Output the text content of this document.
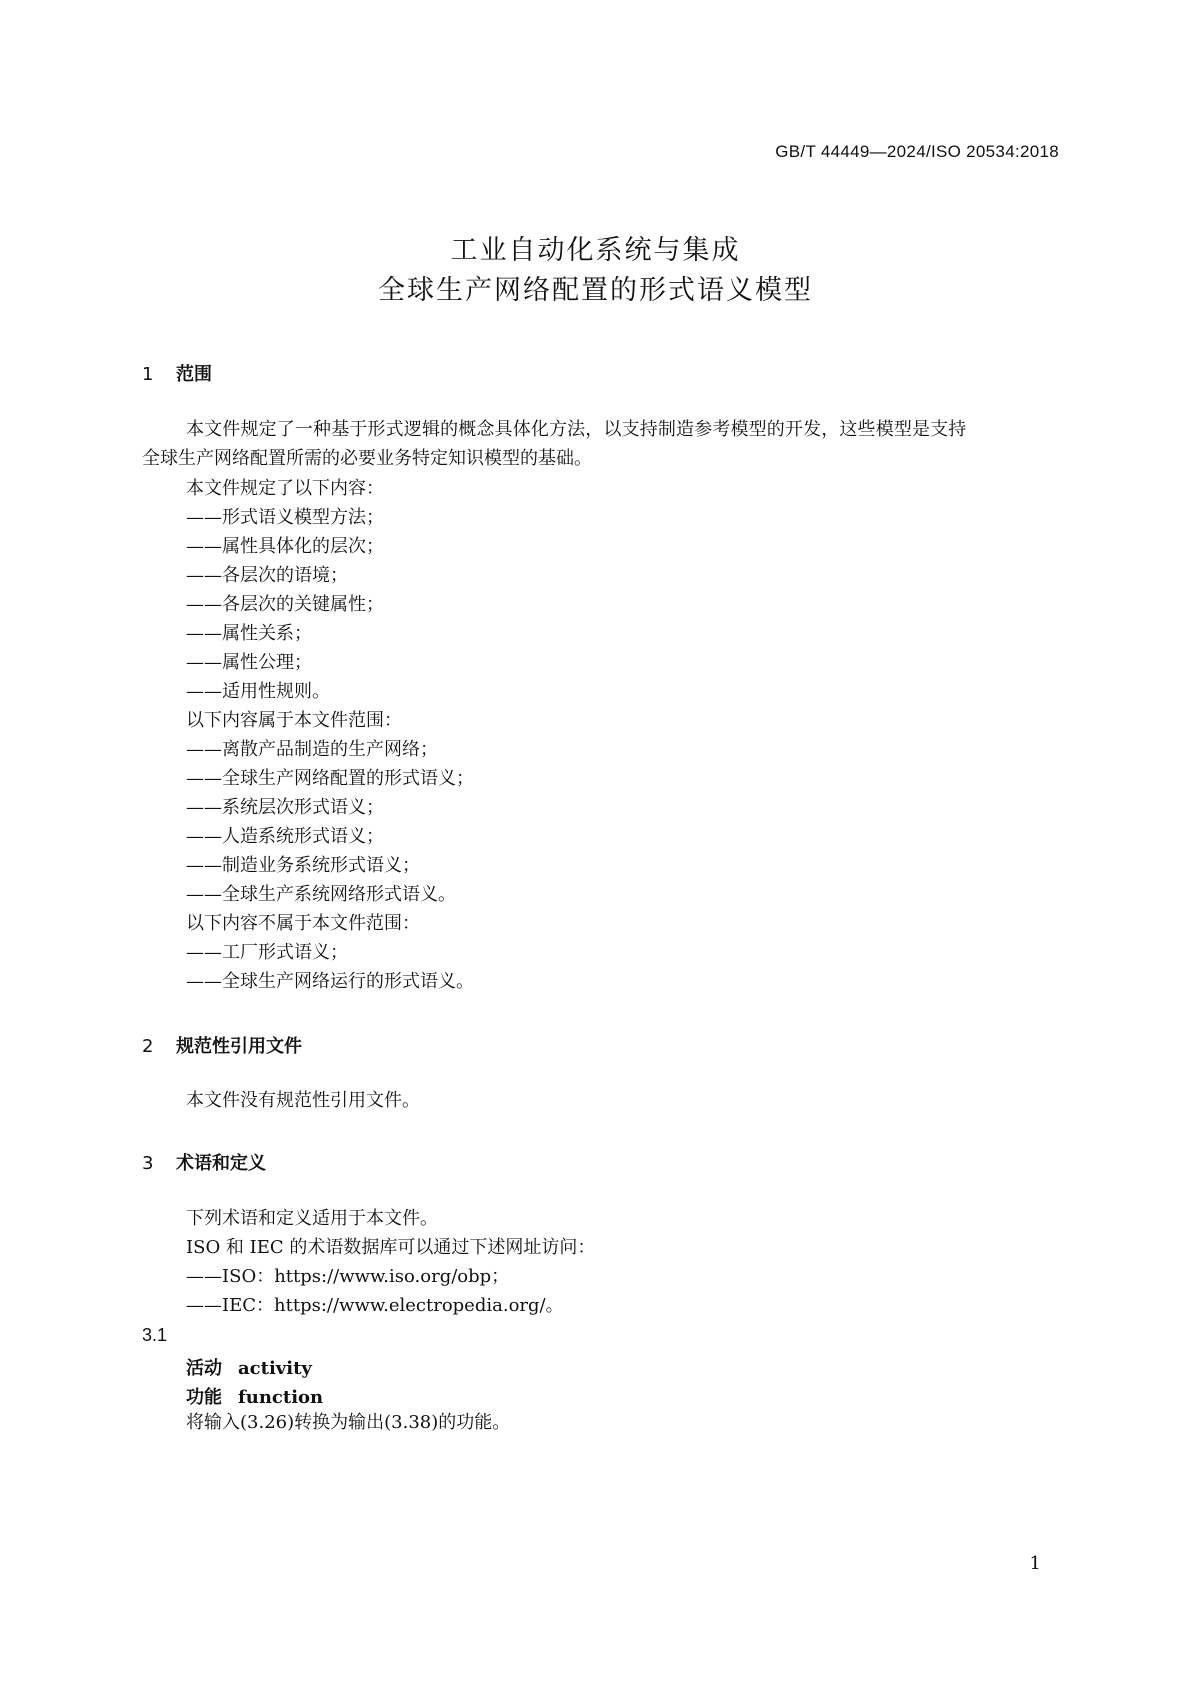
GB/T 44449—2024/ISO 20534:2018
工业自动化系统与集成
全球生产网络配置的形式语义模型
1 范围
本文件规定了一种基于形式逻辑的概念具体化方法，以支持制造参考模型的开发，这些模型是支持
全球生产网络配置所需的必要业务特定知识模型的基础。
本文件规定了以下内容：
——形式语义模型方法；
——属性具体化的层次；
——各层次的语境；
——各层次的关键属性；
——属性关系；
——属性公理；
——适用性规则。
以下内容属于本文件范围：
——离散产品制造的生产网络；
——全球生产网络配置的形式语义；
——系统层次形式语义；
——人造系统形式语义；
——制造业务系统形式语义；
——全球生产系统网络形式语义。
以下内容不属于本文件范围：
——工厂形式语义；
——全球生产网络运行的形式语义。
2 规范性引用文件
本文件没有规范性引用文件。
3 术语和定义
下列术语和定义适用于本文件。
ISO 和 IEC 的术语数据库可以通过下述网址访问：
——ISO：https://www.iso.org/obp；
——IEC：https://www.electropedia.org/。
3.1
活动 activity
功能 function
将输入(3.26)转换为输出(3.38)的功能。
1
